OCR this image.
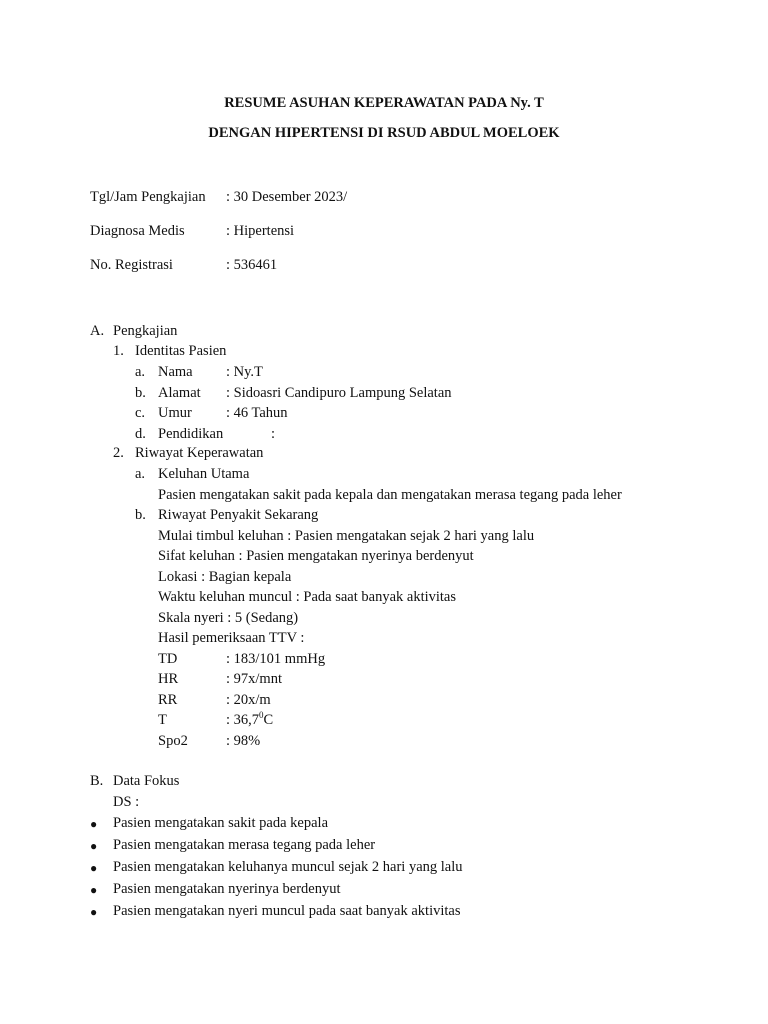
RESUME ASUHAN KEPERAWATAN PADA Ny. T
DENGAN HIPERTENSI DI RSUD ABDUL MOELOEK
Tgl/Jam Pengkajian : 30 Desember 2023/
Diagnosa Medis	: Hipertensi
No. Registrasi	: 536461
A. Pengkajian
1. Identitas Pasien
a. Nama : Ny.T
b. Alamat : Sidoasri Candipuro Lampung Selatan
c. Umur : 46 Tahun
d. Pendidikan	:
2. Riwayat Keperawatan
a. Keluhan Utama
Pasien mengatakan sakit pada kepala dan mengatakan merasa tegang pada leher
b. Riwayat Penyakit Sekarang
Mulai timbul keluhan : Pasien mengatakan sejak 2 hari yang lalu
Sifat keluhan : Pasien mengatakan nyerinya berdenyut
Lokasi : Bagian kepala
Waktu keluhan muncul : Pada saat banyak aktivitas
Skala nyeri : 5 (Sedang)
Hasil pemeriksaan TTV :
TD	: 183/101 mmHg
HR	: 97x/mnt
RR	: 20x/m
T	: 36,7$^0$C
Spo2	: 98%
B. Data Fokus
DS :
● Pasien mengatakan sakit pada kepala
● Pasien mengatakan merasa tegang pada leher
● Pasien mengatakan keluhanya muncul sejak 2 hari yang lalu
● Pasien mengatakan nyerinya berdenyut
● Pasien mengatakan nyeri muncul pada saat banyak aktivitas
